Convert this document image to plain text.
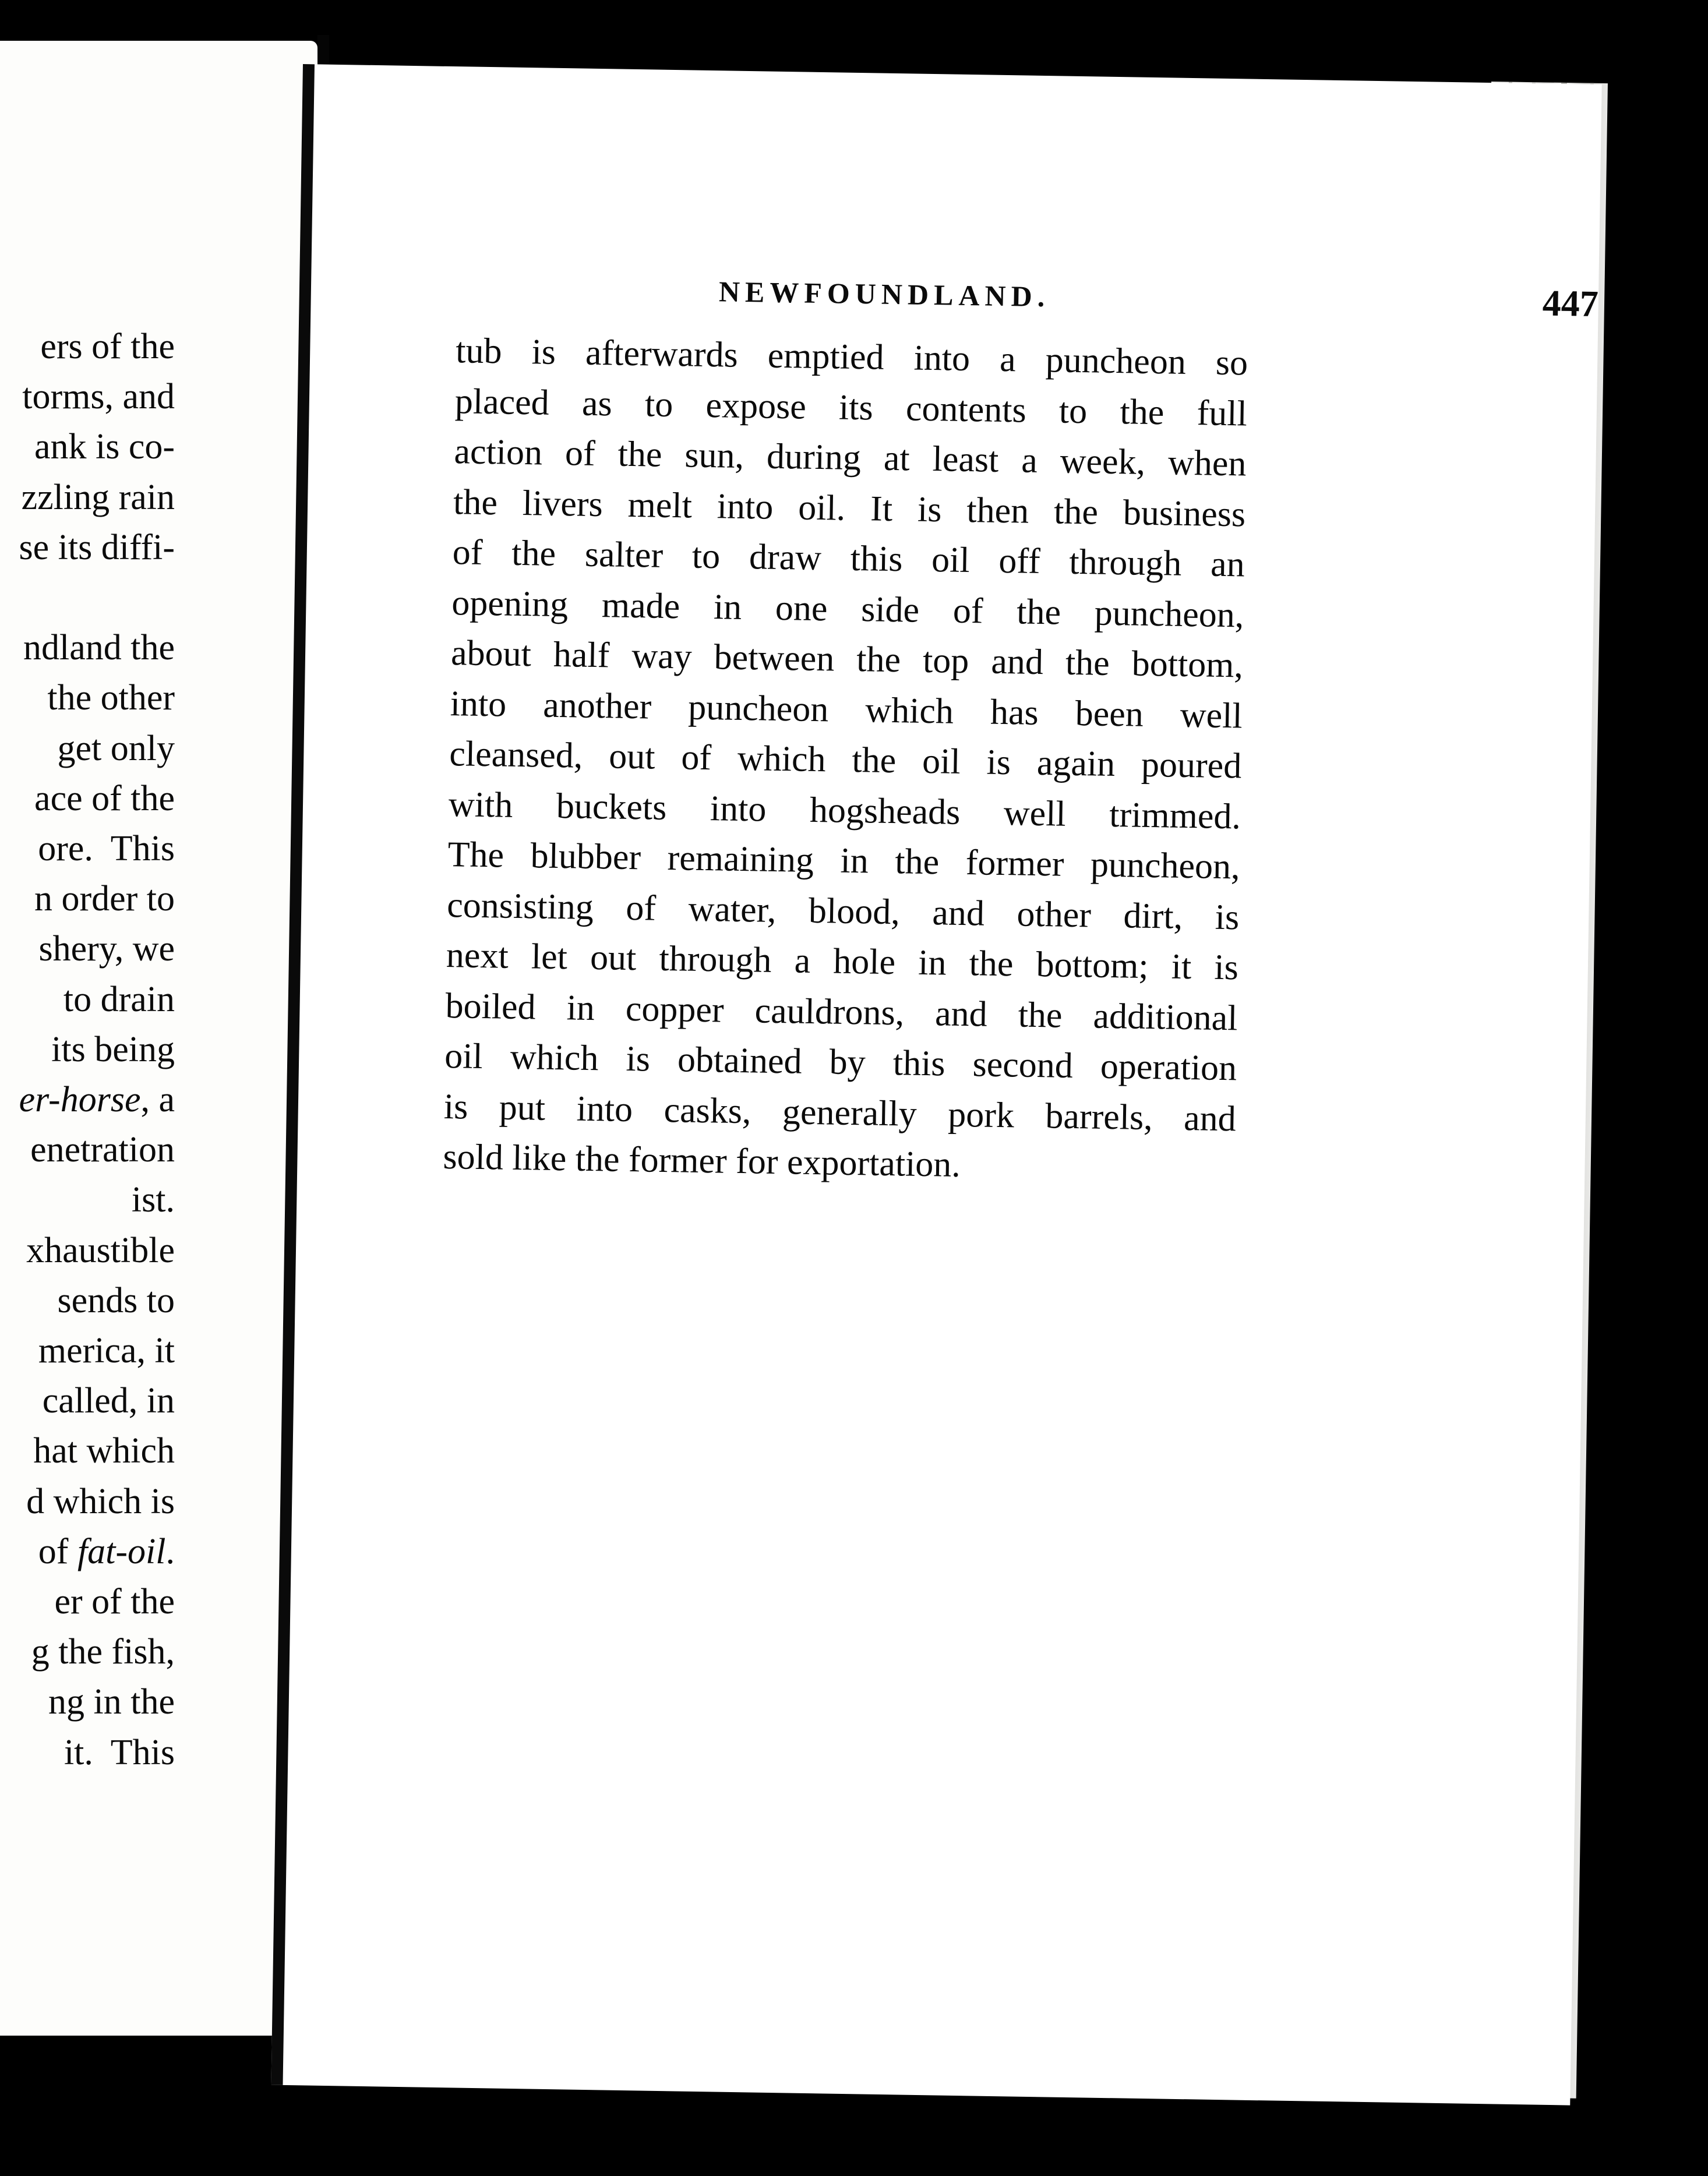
ers of the
torms, and
ank is co-
zzling rain
se its diffi-
ndland the
the other
get only
ace of the
ore.  This
n order to
shery, we
to drain
its being
er-horse, a
enetration
ist.
xhaustible
sends to
merica, it
called, in
hat which
d which is
of fat-oil.
er of the
g the fish,
ng in the
it.  This
NEWFOUNDLAND.	447
tub is afterwards emptied into a puncheon so
placed as to expose its contents to the full
action of the sun, during at least a week, when
the livers melt into oil. It is then the business
of the salter to draw this oil off through an
opening made in one side of the puncheon,
about half way between the top and the bottom,
into another puncheon which has been well
cleansed, out of which the oil is again poured
with buckets into hogsheads well trimmed.
The blubber remaining in the former puncheon,
consisting of water, blood, and other dirt, is
next let out through a hole in the bottom; it is
boiled in copper cauldrons, and the additional
oil which is obtained by this second operation
is put into casks, generally pork barrels, and
sold like the former for exportation.
